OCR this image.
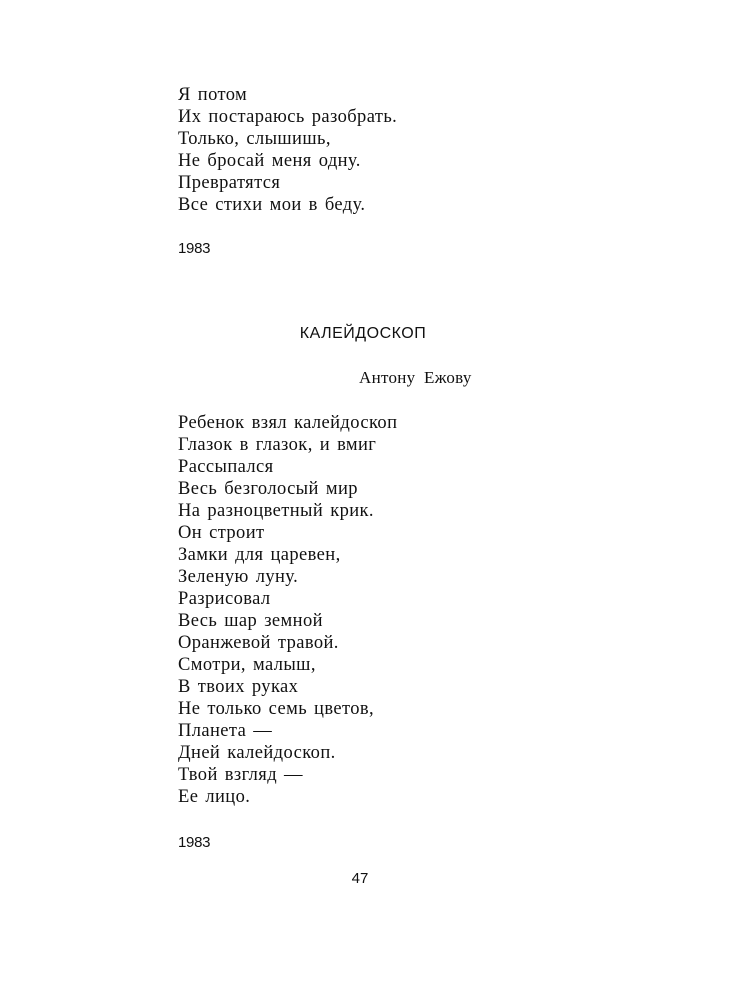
Я потом
Их постараюсь разобрать.
Только, слышишь,
Не бросай меня одну.
Превратятся
Все стихи мои в беду.
1983
КАЛЕЙДОСКОП
Антону Ежову
Ребенок взял калейдоскоп
Глазок в глазок, и вмиг
Рассыпался
Весь безголосый мир
На разноцветный крик.
Он строит
Замки для царевен,
Зеленую луну.
Разрисовал
Весь шар земной
Оранжевой травой.
Смотри, малыш,
В твоих руках
Не только семь цветов,
Планета —
Дней калейдоскоп.
Твой взгляд —
Ее лицо.
1983
47
